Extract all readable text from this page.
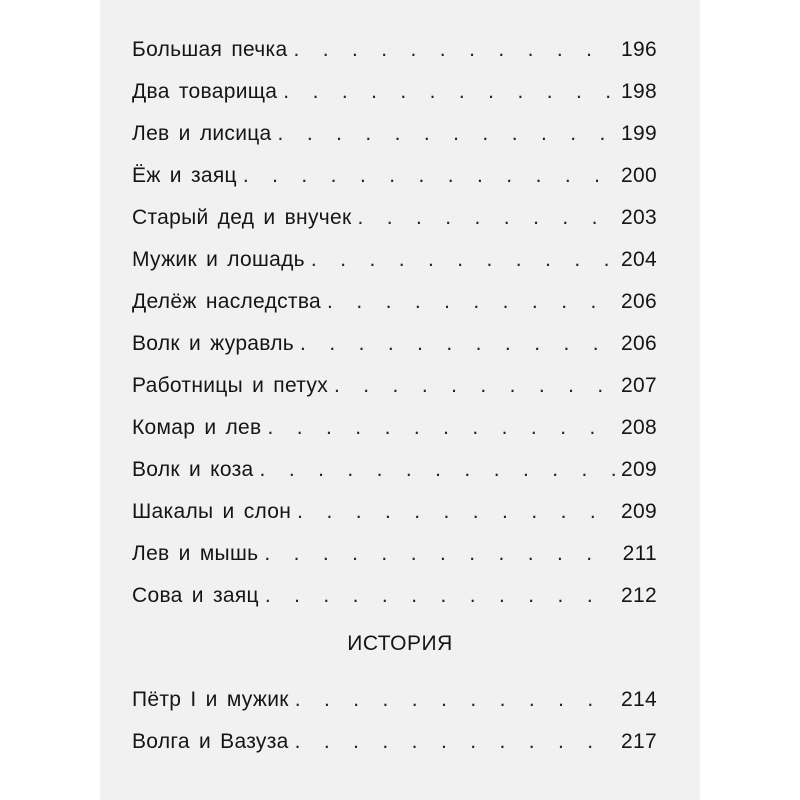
Большая печка . . .	196
Два товарища . . .	198
Лев и лисица . . .	199
Ёж и заяц . . .	200
Старый дед и внучек . . .	203
Мужик и лошадь . . .	204
Делёж наследства . . .	206
Волк и журавль . . .	206
Работницы и петух . . .	207
Комар и лев . . .	208
Волк и коза . . .	209
Шакалы и слон . . .	209
Лев и мышь . . .	211
Сова и заяц . . .	212
ИСТОРИЯ
Пётр I и мужик . . .	214
Волга и Вазуза . . .	217
